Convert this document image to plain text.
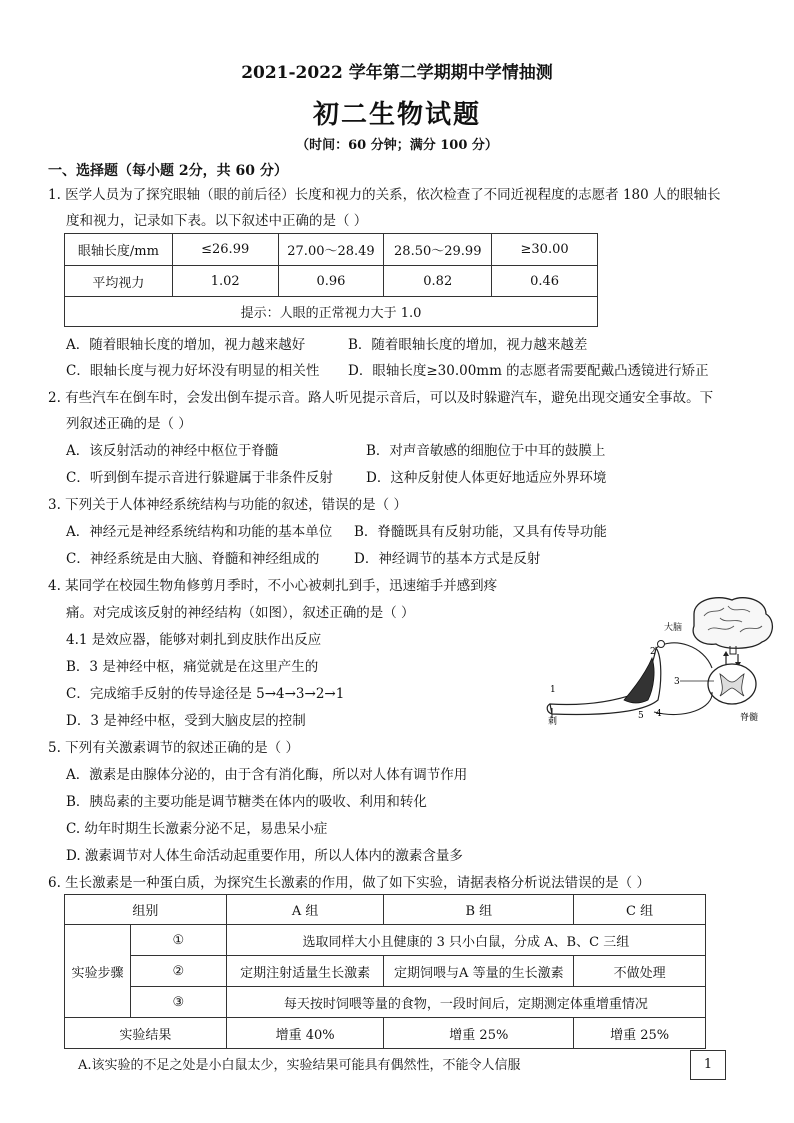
2021-2022 学年第二学期期中学情抽测
初二生物试题
（时间：60 分钟；满分 100 分）
一、选择题（每小题 2分，共 60 分）
1. 医学人员为了探究眼轴（眼的前后径）长度和视力的关系，依次检查了不同近视程度的志愿者 180 人的眼轴长
度和视力，记录如下表。以下叙述中正确的是（ ）
眼轴长度/mm	≤26.99	27.00～28.49	28.50～29.99	≥30.00
平均视力	1.02	0.96	0.82	0.46
提示：人眼的正常视力大于 1.0				
A．随着眼轴长度的增加，视力越来越好	B．随着眼轴长度的增加，视力越来越差
C．眼轴长度与视力好坏没有明显的相关性 D．眼轴长度≥30.00mm 的志愿者需要配戴凸透镜进行矫正
2. 有些汽车在倒车时，会发出倒车提示音。路人听见提示音后，可以及时躲避汽车，避免出现交通安全事故。下
列叙述正确的是（ ）
A．该反射活动的神经中枢位于脊髓	B．对声音敏感的细胞位于中耳的鼓膜上
C．听到倒车提示音进行躲避属于非条件反射 D．这种反射使人体更好地适应外界环境
3. 下列关于人体神经系统结构与功能的叙述，错误的是（ ）
A．神经元是神经系统结构和功能的基本单位 B．脊髓既具有反射功能，又具有传导功能
C．神经系统是由大脑、脊髓和神经组成的	D．神经调节的基本方式是反射
4. 某同学在校园生物角修剪月季时，不小心被刺扎到手，迅速缩手并感到疼
痛。对完成该反射的神经结构（如图），叙述正确的是（ ）
4.1 是效应器，能够对刺扎到皮肤作出反应
B．3 是神经中枢，痛觉就是在这里产生的
C．完成缩手反射的传导途径是 5→4→3→2→1
D．3 是神经中枢，受到大脑皮层的控制
大脑
脊髓
刺
1
2
3
4
5
5. 下列有关激素调节的叙述正确的是（ ）
A．激素是由腺体分泌的，由于含有消化酶，所以对人体有调节作用
B．胰岛素的主要功能是调节糖类在体内的吸收、利用和转化
C. 幼年时期生长激素分泌不足，易患呆小症
D. 激素调节对人体生命活动起重要作用，所以人体内的激素含量多
6. 生长激素是一种蛋白质，为探究生长激素的作用，做了如下实验，请据表格分析说法错误的是（ ）
组别		A 组	B 组	C 组
实验步骤	①	选取同样大小且健康的 3 只小白鼠，分成 A、B、C 三组		
	②	定期注射适量生长激素	定期饲喂与A 等量的生长激素	不做处理
	③	每天按时饲喂等量的食物，一段时间后，定期测定体重增重情况		
实验结果		增重 40%	增重 25%	增重 25%
A.该实验的不足之处是小白鼠太少，实验结果可能具有偶然性，不能令人信服	1
